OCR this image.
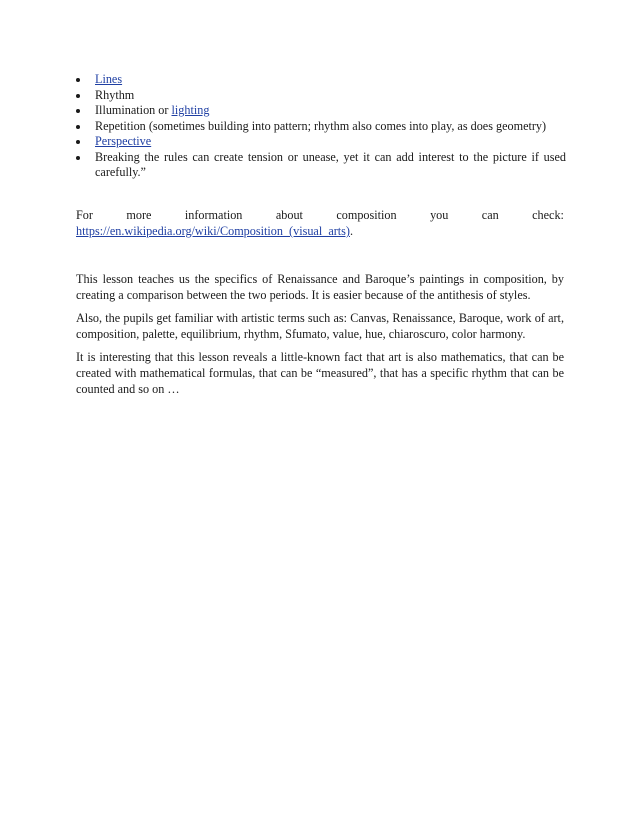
Lines
Rhythm
Illumination or lighting
Repetition (sometimes building into pattern; rhythm also comes into play, as does geometry)
Perspective
Breaking the rules can create tension or unease, yet it can add interest to the picture if used carefully.”
For	more	information	about	composition	you	can	check:
https://en.wikipedia.org/wiki/Composition_(visual_arts).

This lesson teaches us the specifics of Renaissance and Baroque’s paintings in composition, by creating a comparison between the two periods. It is easier because of the antithesis of styles.

Also, the pupils get familiar with artistic terms such as: Canvas, Renaissance, Baroque, work of art, composition, palette, equilibrium, rhythm, Sfumato, value, hue, chiaroscuro, color harmony.

It is interesting that this lesson reveals a little-known fact that art is also mathematics, that can be created with mathematical formulas, that can be “measured”, that has a specific rhythm that can be counted and so on …
